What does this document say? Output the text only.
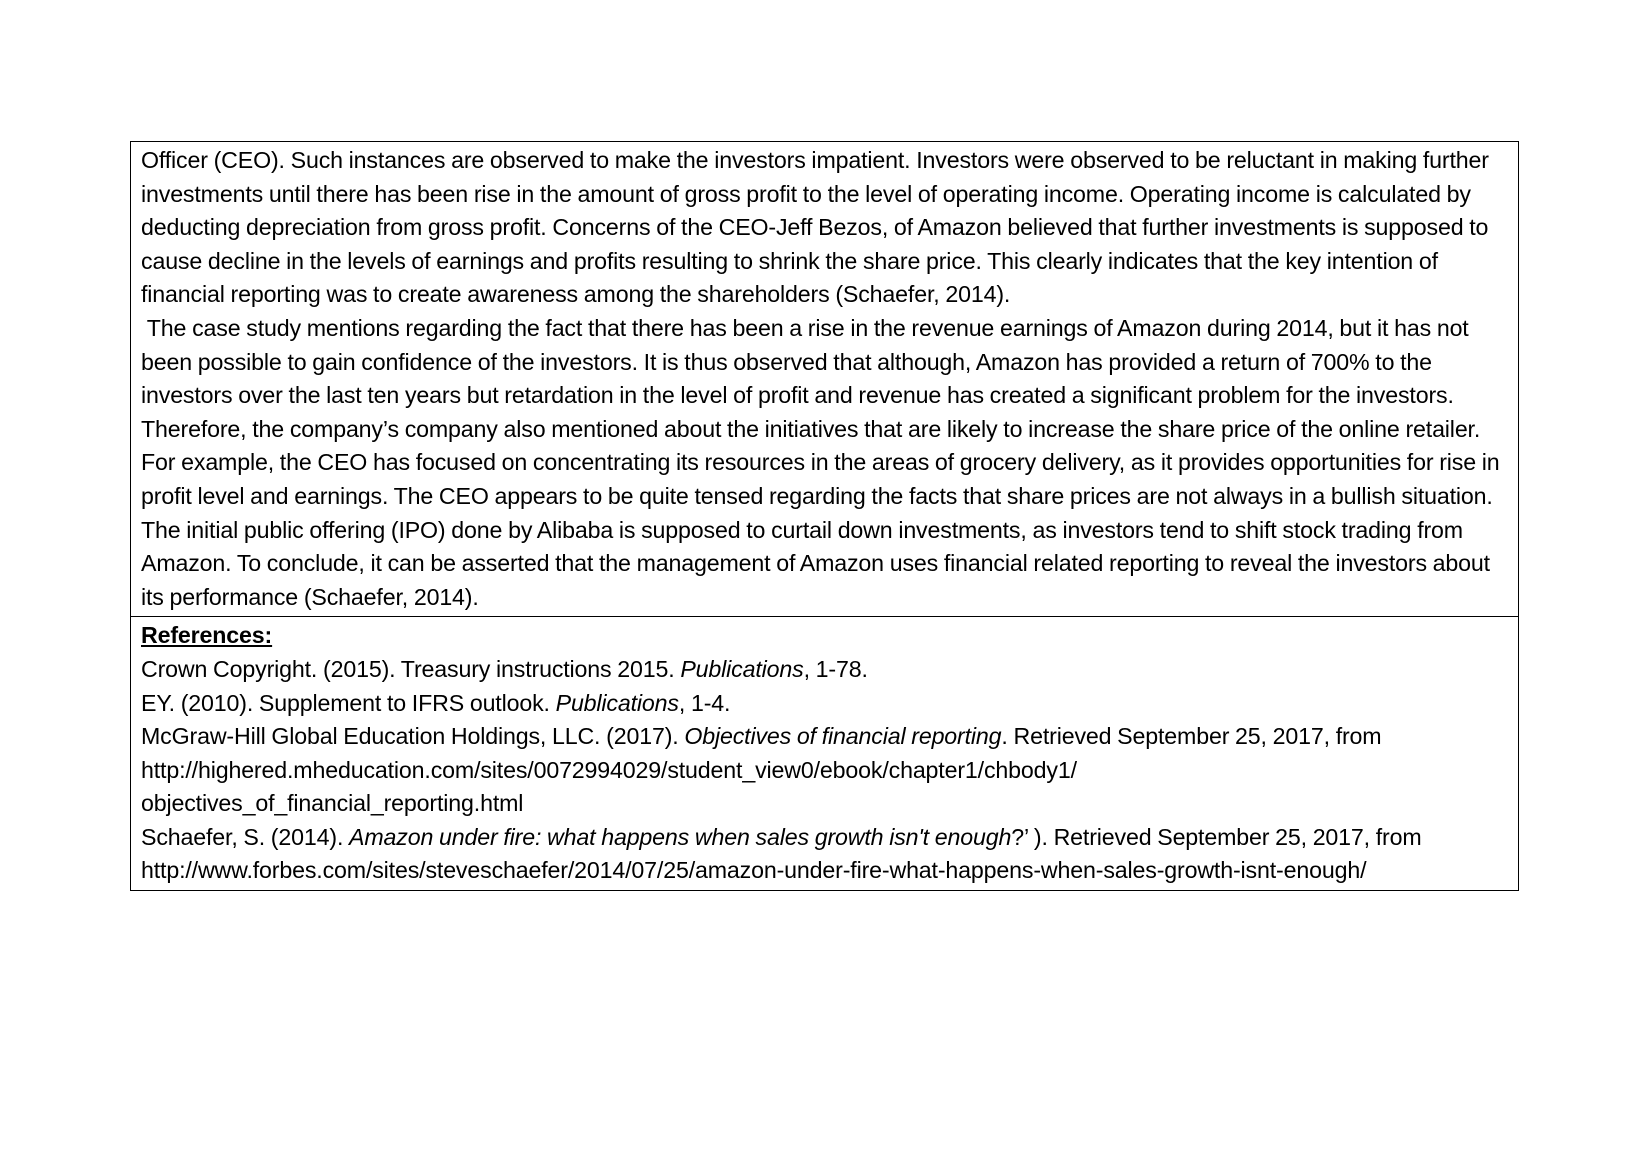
Officer (CEO). Such instances are observed to make the investors impatient. Investors were observed to be reluctant in making further investments until there has been rise in the amount of gross profit to the level of operating income. Operating income is calculated by deducting depreciation from gross profit. Concerns of the CEO-Jeff Bezos, of Amazon believed that further investments is supposed to cause decline in the levels of earnings and profits resulting to shrink the share price. This clearly indicates that the key intention of financial reporting was to create awareness among the shareholders (Schaefer, 2014).

The case study mentions regarding the fact that there has been a rise in the revenue earnings of Amazon during 2014, but it has not been possible to gain confidence of the investors. It is thus observed that although, Amazon has provided a return of 700% to the investors over the last ten years but retardation in the level of profit and revenue has created a significant problem for the investors. Therefore, the company’s company also mentioned about the initiatives that are likely to increase the share price of the online retailer. For example, the CEO has focused on concentrating its resources in the areas of grocery delivery, as it provides opportunities for rise in profit level and earnings. The CEO appears to be quite tensed regarding the facts that share prices are not always in a bullish situation. The initial public offering (IPO) done by Alibaba is supposed to curtail down investments, as investors tend to shift stock trading from Amazon. To conclude, it can be asserted that the management of Amazon uses financial related reporting to reveal the investors about its performance (Schaefer, 2014).

References:

Crown Copyright. (2015). Treasury instructions 2015. Publications, 1-78.

EY. (2010). Supplement to IFRS outlook. Publications, 1-4.

McGraw-Hill Global Education Holdings, LLC. (2017). Objectives of financial reporting. Retrieved September 25, 2017, from
http://highered.mheducation.com/sites/0072994029/student_view0/ebook/chapter1/chbody1/
objectives_of_financial_reporting.html

Schaefer, S. (2014). Amazon under fire: what happens when sales growth isn't enough?’ ). Retrieved September 25, 2017, from http://www.forbes.com/sites/steveschaefer/2014/07/25/amazon-under-fire-what-happens-when-sales-growth-isnt-enough/
